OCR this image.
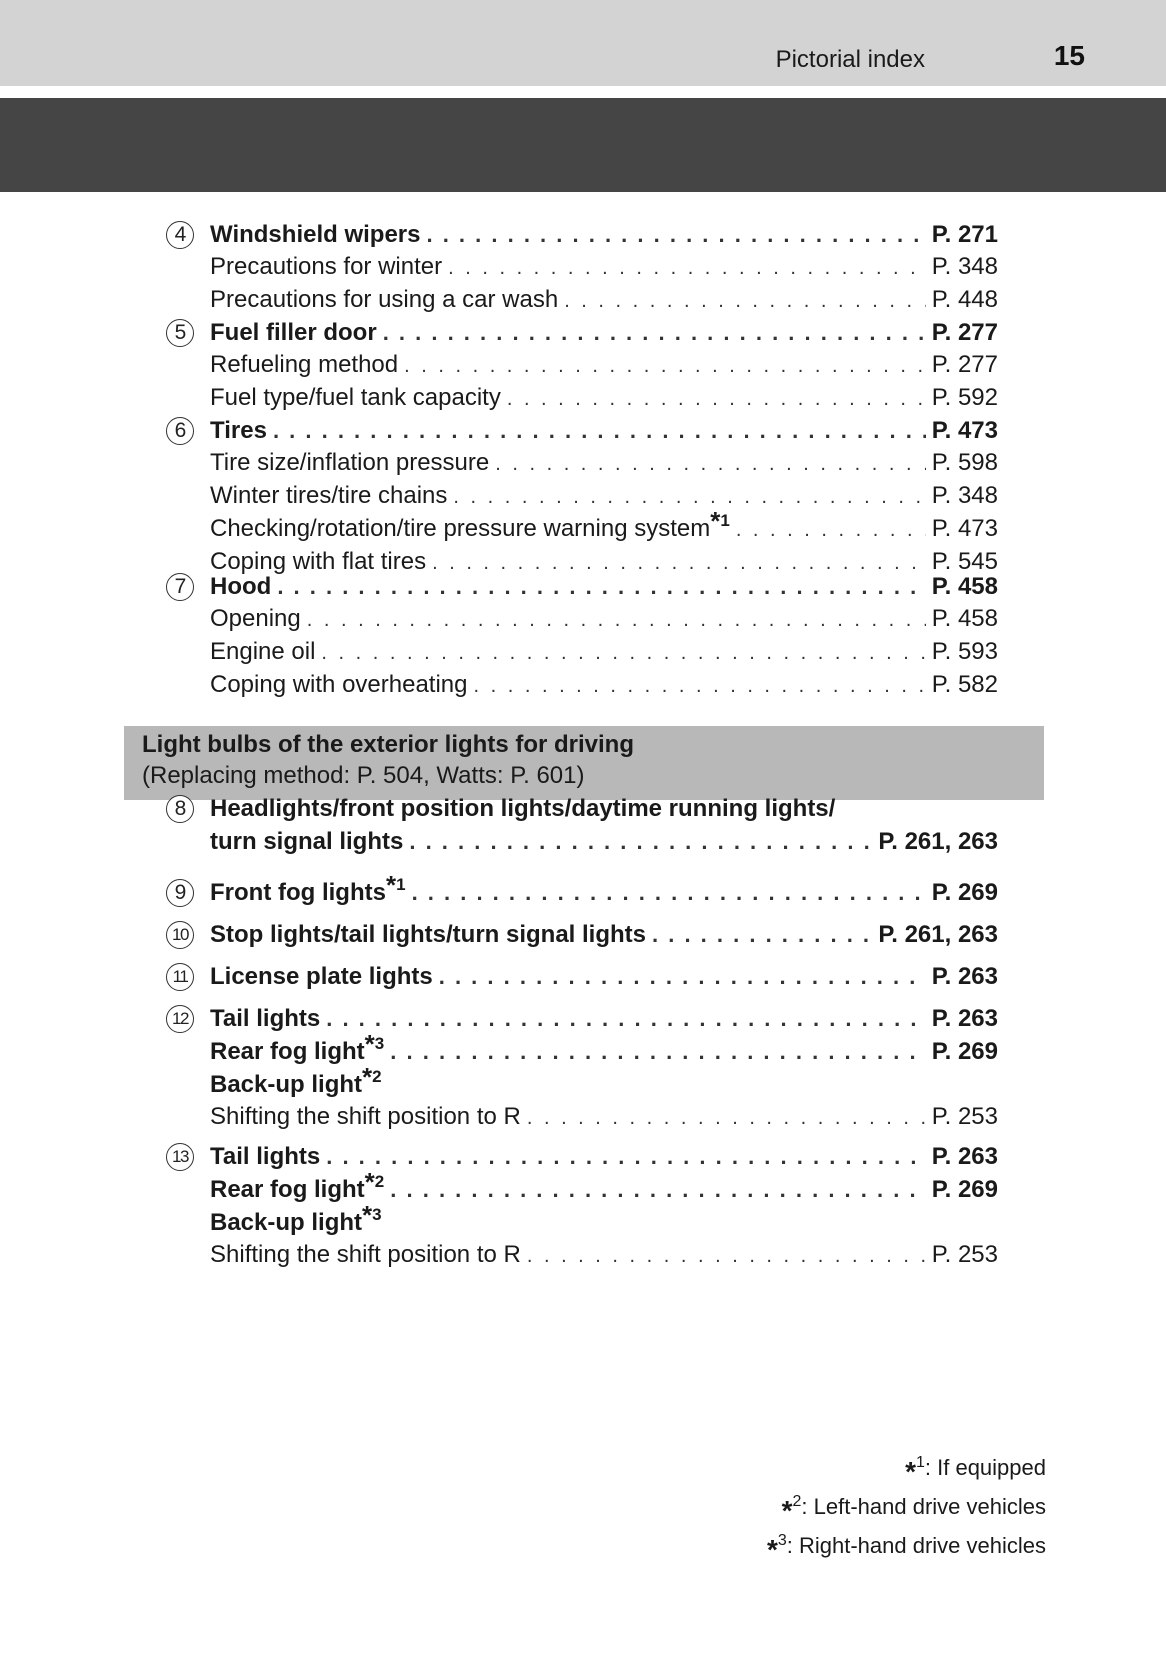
Pictorial index	15
4	Windshield wipers . . .	P. 271
Precautions for winter . . .	P. 348
Precautions for using a car wash . . .	P. 448
5	Fuel filler door . . .	P. 277
Refueling method . . .	P. 277
Fuel type/fuel tank capacity . . .	P. 592
6	Tires . . .	P. 473
Tire size/inflation pressure . . .	P. 598
Winter tires/tire chains . . .	P. 348
Checking/rotation/tire pressure warning system$^{*1}$ . . .	P. 473
Coping with flat tires . . .	P. 545
7	Hood . . .	P. 458
Opening . . .	P. 458
Engine oil . . .	P. 593
Coping with overheating . . .	P. 582
Light bulbs of the exterior lights for driving
(Replacing method: P. 504, Watts: P. 601)
8	Headlights/front position lights/daytime running lights/
turn signal lights . . .	P. 261, 263
9	Front fog lights$^{*1}$ . . .	P. 269
10 Stop lights/tail lights/turn signal lights . . .	P. 261, 263
11 License plate lights . . .	P. 263
12 Tail lights . . .	P. 263
Rear fog light$^{*3}$ . . .	P. 269
Back-up light$^{*2}$
Shifting the shift position to R . . .	P. 253
13 Tail lights . . .	P. 263
Rear fog light$^{*2}$ . . .	P. 269
Back-up light$^{*3}$
Shifting the shift position to R . . .	P. 253
*$^1$: If equipped
*$^2$: Left-hand drive vehicles
*$^3$: Right-hand drive vehicles
